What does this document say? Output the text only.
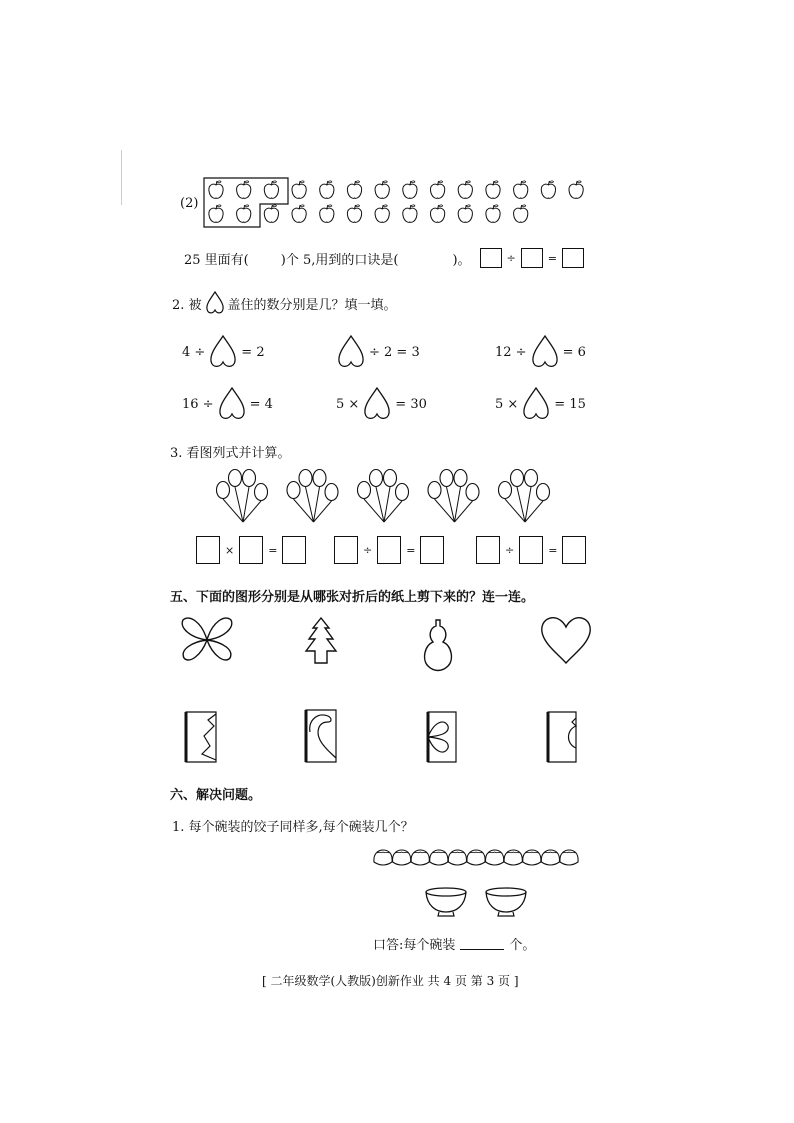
(2)
25 里面有( )个 5,用到的口诀是(	)。	÷	=
2. 被 盖住的数分别是几？填一填。
4 ÷	= 2	÷ 2 = 3	12 ÷	= 6
16 ÷	= 4	5 ×	= 30	5 ×	= 15
3. 看图列式并计算。
×	=	÷	=	÷	=
五、下面的图形分别是从哪张对折后的纸上剪下来的？连一连。
六、解决问题。
1. 每个碗装的饺子同样多,每个碗装几个？
口答:每个碗装	个。
[ 二年级数学(人教版)创新作业 共 4 页 第 3 页 ]
